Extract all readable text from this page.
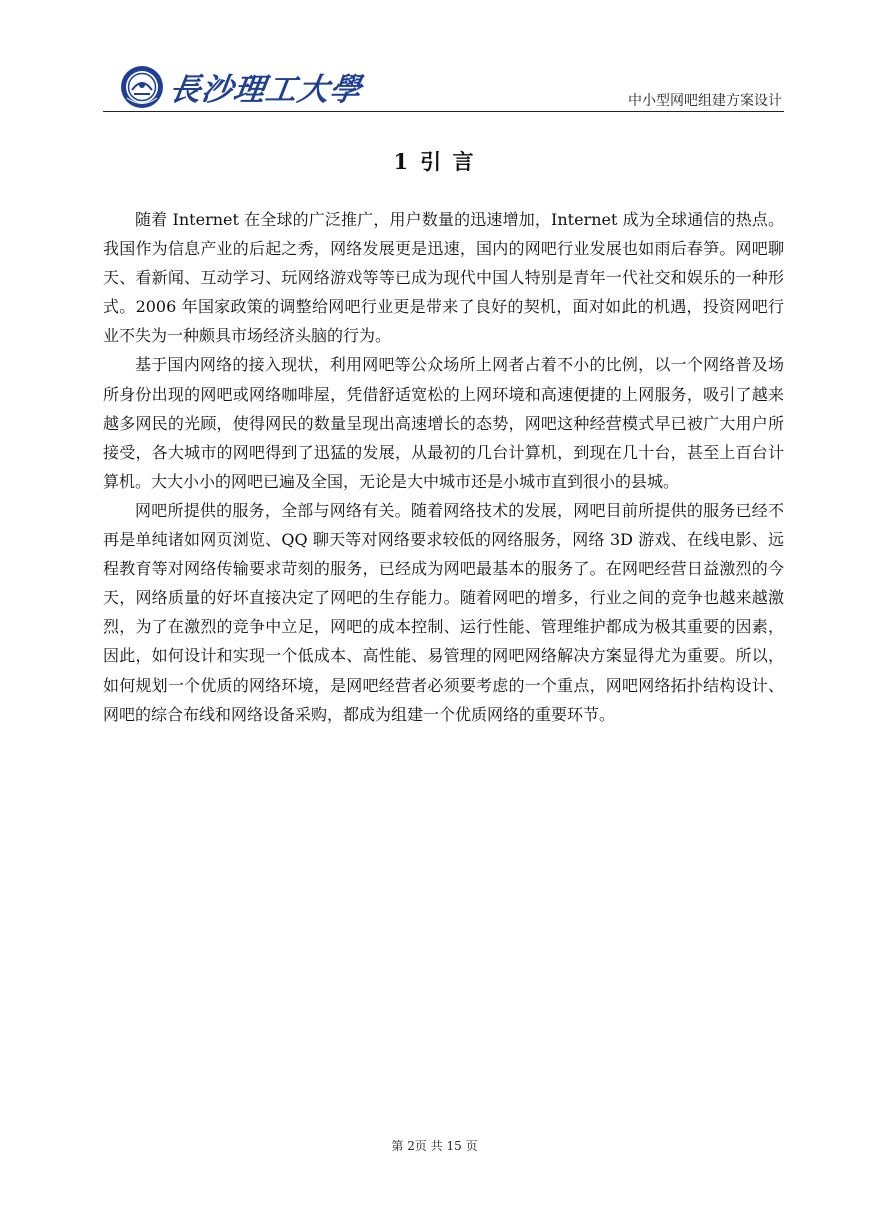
長沙理工大學	中小型网吧组建方案设计
1 引 言

随着 Internet 在全球的广泛推广，用户数量的迅速增加，Internet 成为全球通信的热点。我国作为信息产业的后起之秀，网络发展更是迅速，国内的网吧行业发展也如雨后春笋。网吧聊天、看新闻、互动学习、玩网络游戏等等已成为现代中国人特别是青年一代社交和娱乐的一种形式。2006 年国家政策的调整给网吧行业更是带来了良好的契机，面对如此的机遇，投资网吧行业不失为一种颇具市场经济头脑的行为。

基于国内网络的接入现状，利用网吧等公众场所上网者占着不小的比例，以一个网络普及场所身份出现的网吧或网络咖啡屋，凭借舒适宽松的上网环境和高速便捷的上网服务，吸引了越来越多网民的光顾，使得网民的数量呈现出高速增长的态势，网吧这种经营模式早已被广大用户所接受，各大城市的网吧得到了迅猛的发展，从最初的几台计算机，到现在几十台，甚至上百台计算机。大大小小的网吧已遍及全国，无论是大中城市还是小城市直到很小的县城。

网吧所提供的服务，全部与网络有关。随着网络技术的发展，网吧目前所提供的服务已经不再是单纯诸如网页浏览、QQ 聊天等对网络要求较低的网络服务，网络 3D 游戏、在线电影、远程教育等对网络传输要求苛刻的服务，已经成为网吧最基本的服务了。在网吧经营日益激烈的今天，网络质量的好坏直接决定了网吧的生存能力。随着网吧的增多，行业之间的竞争也越来越激烈，为了在激烈的竞争中立足，网吧的成本控制、运行性能、管理维护都成为极其重要的因素，因此，如何设计和实现一个低成本、高性能、易管理的网吧网络解决方案显得尤为重要。所以，如何规划一个优质的网络环境，是网吧经营者必须要考虑的一个重点，网吧网络拓扑结构设计、网吧的综合布线和网络设备采购，都成为组建一个优质网络的重要环节。

第 2页 共 15 页
